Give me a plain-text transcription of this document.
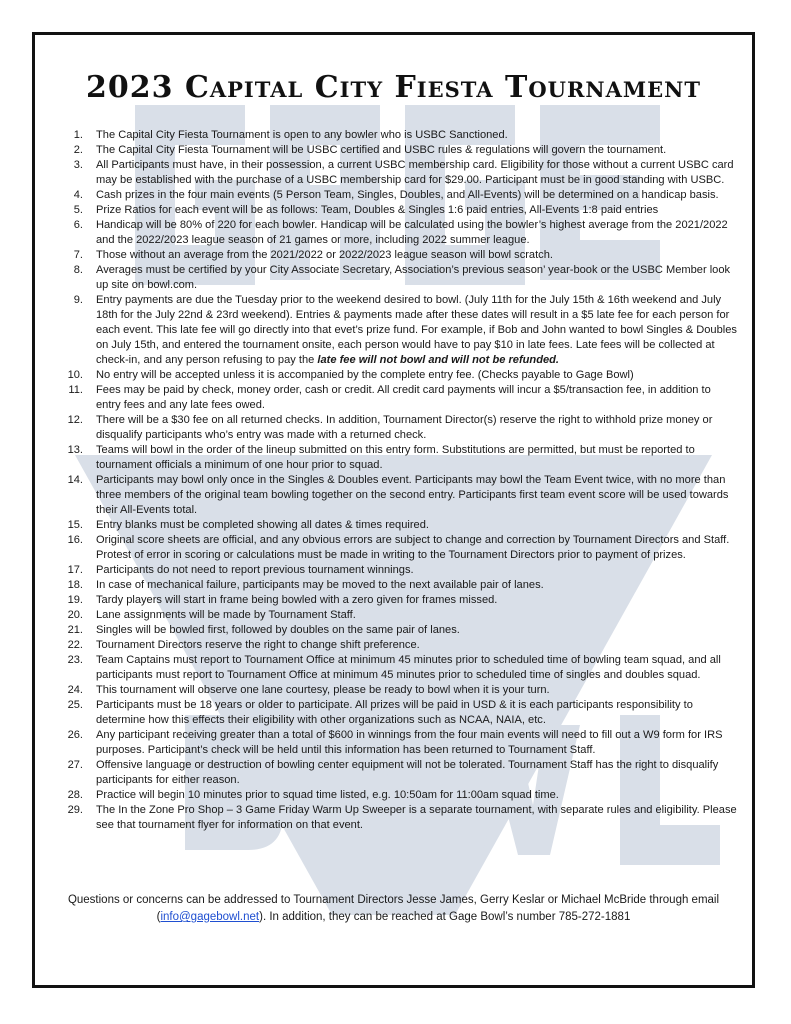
2023 Capital City Fiesta Tournament
1. The Capital City Fiesta Tournament is open to any bowler who is USBC Sanctioned.
2. The Capital City Fiesta Tournament will be USBC certified and USBC rules & regulations will govern the tournament.
3. All Participants must have, in their possession, a current USBC membership card. Eligibility for those without a current USBC card may be established with the purchase of a USBC membership card for $29.00. Participant must be in good standing with USBC.
4. Cash prizes in the four main events (5 Person Team, Singles, Doubles, and All-Events) will be determined on a handicap basis.
5. Prize Ratios for each event will be as follows: Team, Doubles & Singles 1:6 paid entries, All-Events 1:8 paid entries
6. Handicap will be 80% of 220 for each bowler. Handicap will be calculated using the bowler’s highest average from the 2021/2022 and the 2022/2023 league season of 21 games or more, including 2022 summer league.
7. Those without an average from the 2021/2022 or 2022/2023 league season will bowl scratch.
8. Averages must be certified by your City Associate Secretary, Association’s previous season’ year-book or the USBC Member look up site on bowl.com.
9. Entry payments are due the Tuesday prior to the weekend desired to bowl. (July 11th for the July 15th & 16th weekend and July 18th for the July 22nd & 23rd weekend). Entries & payments made after these dates will result in a $5 late fee for each person for each event. This late fee will go directly into that evet’s prize fund. For example, if Bob and John wanted to bowl Singles & Doubles on July 15th, and entered the tournament onsite, each person would have to pay $10 in late fees. Late fees will be collected at check-in, and any person refusing to pay the late fee will not bowl and will not be refunded.
10. No entry will be accepted unless it is accompanied by the complete entry fee. (Checks payable to Gage Bowl)
11. Fees may be paid by check, money order, cash or credit. All credit card payments will incur a $5/transaction fee, in addition to entry fees and any late fees owed.
12. There will be a $30 fee on all returned checks. In addition, Tournament Director(s) reserve the right to withhold prize money or disqualify participants who’s entry was made with a returned check.
13. Teams will bowl in the order of the lineup submitted on this entry form. Substitutions are permitted, but must be reported to tournament officials a minimum of one hour prior to squad.
14. Participants may bowl only once in the Singles & Doubles event. Participants may bowl the Team Event twice, with no more than three members of the original team bowling together on the second entry. Participants first team event score will be used towards their All-Events total.
15. Entry blanks must be completed showing all dates & times required.
16. Original score sheets are official, and any obvious errors are subject to change and correction by Tournament Directors and Staff. Protest of error in scoring or calculations must be made in writing to the Tournament Directors prior to payment of prizes.
17. Participants do not need to report previous tournament winnings.
18. In case of mechanical failure, participants may be moved to the next available pair of lanes.
19. Tardy players will start in frame being bowled with a zero given for frames missed.
20. Lane assignments will be made by Tournament Staff.
21. Singles will be bowled first, followed by doubles on the same pair of lanes.
22. Tournament Directors reserve the right to change shift preference.
23. Team Captains must report to Tournament Office at minimum 45 minutes prior to scheduled time of bowling team squad, and all participants must report to Tournament Office at minimum 45 minutes prior to scheduled time of singles and doubles squad.
24. This tournament will observe one lane courtesy, please be ready to bowl when it is your turn.
25. Participants must be 18 years or older to participate. All prizes will be paid in USD & it is each participants responsibility to determine how this effects their eligibility with other organizations such as NCAA, NAIA, etc.
26. Any participant receiving greater than a total of $600 in winnings from the four main events will need to fill out a W9 form for IRS purposes. Participant’s check will be held until this information has been returned to Tournament Staff.
27. Offensive language or destruction of bowling center equipment will not be tolerated. Tournament Staff has the right to disqualify participants for either reason.
28. Practice will begin 10 minutes prior to squad time listed, e.g. 10:50am for 11:00am squad time.
29. The In the Zone Pro Shop – 3 Game Friday Warm Up Sweeper is a separate tournament, with separate rules and eligibility. Please see that tournament flyer for information on that event.
Questions or concerns can be addressed to Tournament Directors Jesse James, Gerry Keslar or Michael McBride through email
(info@gagebowl.net). In addition, they can be reached at Gage Bowl’s number 785-272-1881
